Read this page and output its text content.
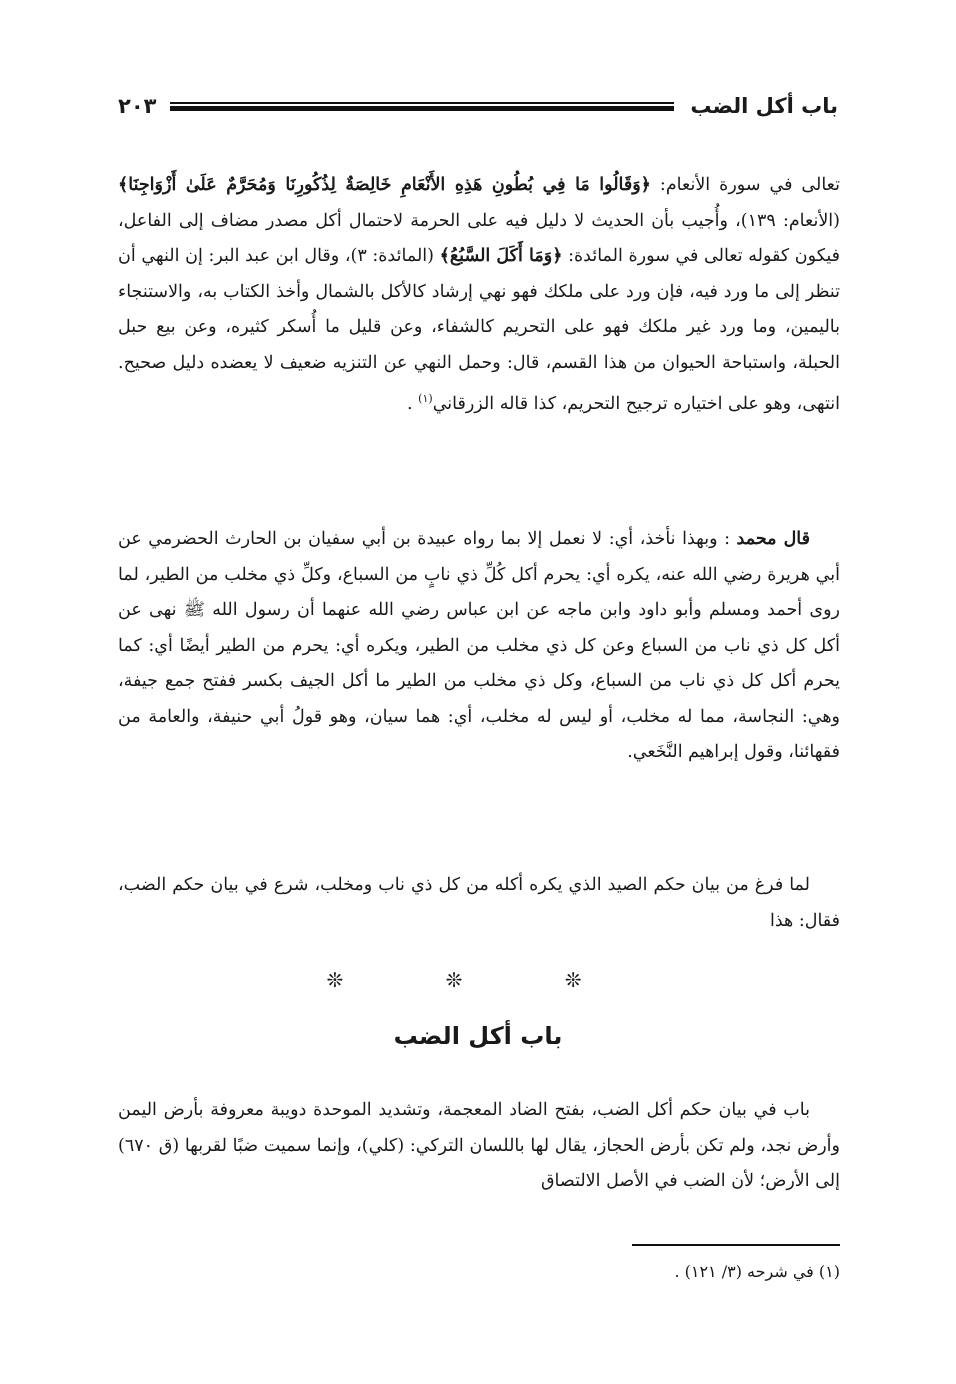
باب أكل الضب
٢٠٣
تعالى في سورة الأنعام: ﴿وَقَالُوا مَا فِي بُطُونِ هَذِهِ الأَنْعَامِ خَالِصَةٌ لِذُكُورِنَا وَمُحَرَّمٌ عَلَىٰ أَزْوَاجِنَا﴾ (الأنعام: ١٣٩)، وأُجيب بأن الحديث لا دليل فيه على الحرمة لاحتمال أكل مصدر مضاف إلى الفاعل، فيكون كقوله تعالى في سورة المائدة: ﴿وَمَا أَكَلَ السَّبُعُ﴾ (المائدة: ٣)، وقال ابن عبد البر: إن النهي أن تنظر إلى ما ورد فيه، فإن ورد على ملكك فهو نهي إرشاد كالأكل بالشمال وأخذ الكتاب به، والاستنجاء باليمين، وما ورد غير ملكك فهو على التحريم كالشفاء، وعن قليل ما أُسكر كثيره، وعن بيع حبل الحبلة، واستباحة الحيوان من هذا القسم، قال: وحمل النهي عن التنزيه ضعيف لا يعضده دليل صحيح. انتهى، وهو على اختياره ترجيح التحريم، كذا قاله الزرقاني$^{(١)}$ .
قال محمد : وبهذا نأخذ، أي: لا نعمل إلا بما رواه عبيدة بن أبي سفيان بن الحارث الحضرمي عن أبي هريرة رضي الله عنه، يكره أي: يحرم أكل كُلِّ ذي نابٍ من السباع، وكلِّ ذي مخلب من الطير، لما روى أحمد ومسلم وأبو داود وابن ماجه عن ابن عباس رضي الله عنهما أن رسول الله ﷺ نهى عن أكل كل ذي ناب من السباع وعن كل ذي مخلب من الطير، ويكره أي: يحرم من الطير أيضًا أي: كما يحرم أكل كل ذي ناب من السباع، وكل ذي مخلب من الطير ما أكل الجيف بكسر ففتح جمع جيفة، وهي: النجاسة، مما له مخلب، أو ليس له مخلب، أي: هما سيان، وهو قولُ أبي حنيفة، والعامة من فقهائنا، وقول إبراهيم النَّخَعي.
لما فرغ من بيان حكم الصيد الذي يكره أكله من كل ذي ناب ومخلب، شرع في بيان حكم الضب، فقال: هذا
❊ ❊ ❊
باب أكل الضب
باب في بيان حكم أكل الضب، بفتح الضاد المعجمة، وتشديد الموحدة دويبة معروفة بأرض اليمن وأرض نجد، ولم تكن بأرض الحجاز، يقال لها باللسان التركي: (كلي)، وإنما سميت ضبًا لقربها (ق ٦٧٠) إلى الأرض؛ لأن الضب في الأصل الالتصاق
(١) في شرحه (٣/ ١٢١) .
